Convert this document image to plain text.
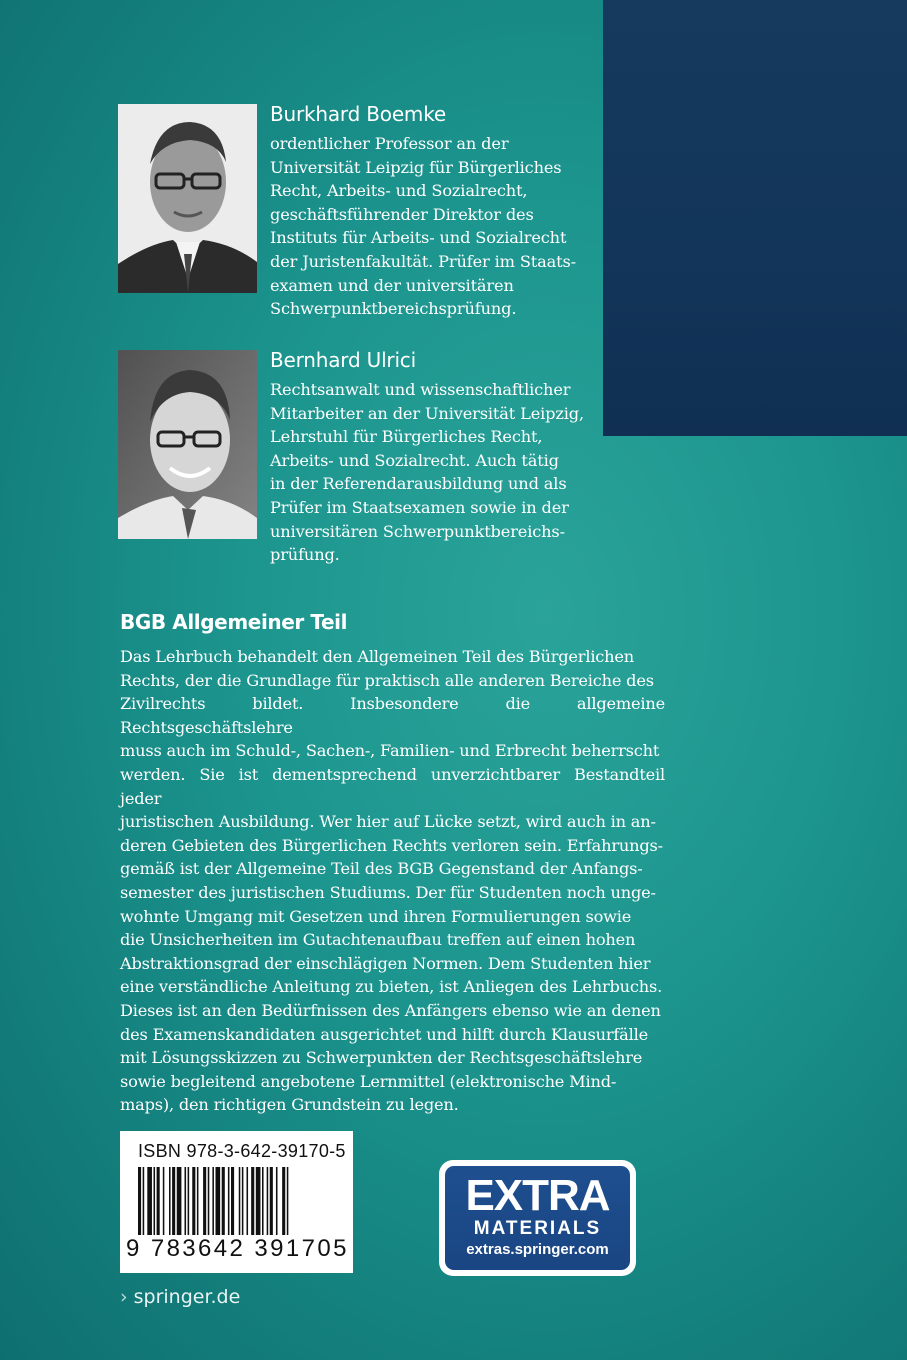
Burkhard Boemke

ordentlicher Professor an der
Universität Leipzig für Bürgerliches
Recht, Arbeits- und Sozialrecht,
geschäftsführender Direktor des
Instituts für Arbeits- und Sozialrecht
der Juristenfakultät. Prüfer im Staats-
examen und der universitären
Schwerpunktbereichsprüfung.

Bernhard Ulrici

Rechtsanwalt und wissenschaftlicher
Mitarbeiter an der Universität Leipzig,
Lehrstuhl für Bürgerliches Recht,
Arbeits- und Sozialrecht. Auch tätig
in der Referendarausbildung und als
Prüfer im Staatsexamen sowie in der
universitären Schwerpunktbereichs-
prüfung.

BGB Allgemeiner Teil

Das Lehrbuch behandelt den Allgemeinen Teil des Bürgerlichen
Rechts, der die Grundlage für praktisch alle anderen Bereiche des
Zivilrechts bildet. Insbesondere die allgemeine Rechtsgeschäftslehre
muss auch im Schuld-, Sachen-, Familien- und Erbrecht beherrscht
werden. Sie ist dementsprechend unverzichtbarer Bestandteil jeder
juristischen Ausbildung. Wer hier auf Lücke setzt, wird auch in an-
deren Gebieten des Bürgerlichen Rechts verloren sein. Erfahrungs-
gemäß ist der Allgemeine Teil des BGB Gegenstand der Anfangs-
semester des juristischen Studiums. Der für Studenten noch unge-
wohnte Umgang mit Gesetzen und ihren Formulierungen sowie
die Unsicherheiten im Gutachtenaufbau treffen auf einen hohen
Abstraktionsgrad der einschlägigen Normen. Dem Studenten hier
eine verständliche Anleitung zu bieten, ist Anliegen des Lehrbuchs.
Dieses ist an den Bedürfnissen des Anfängers ebenso wie an denen
des Examenskandidaten ausgerichtet und hilft durch Klausurfälle
mit Lösungsskizzen zu Schwerpunkten der Rechtsgeschäftslehre
sowie begleitend angebotene Lernmittel (elektronische Mind-
maps), den richtigen Grundstein zu legen.

ISBN 978-3-642-39170-5
9 783642 391705
EXTRA
MATERIALS
extras.springer.com
› springer.de
